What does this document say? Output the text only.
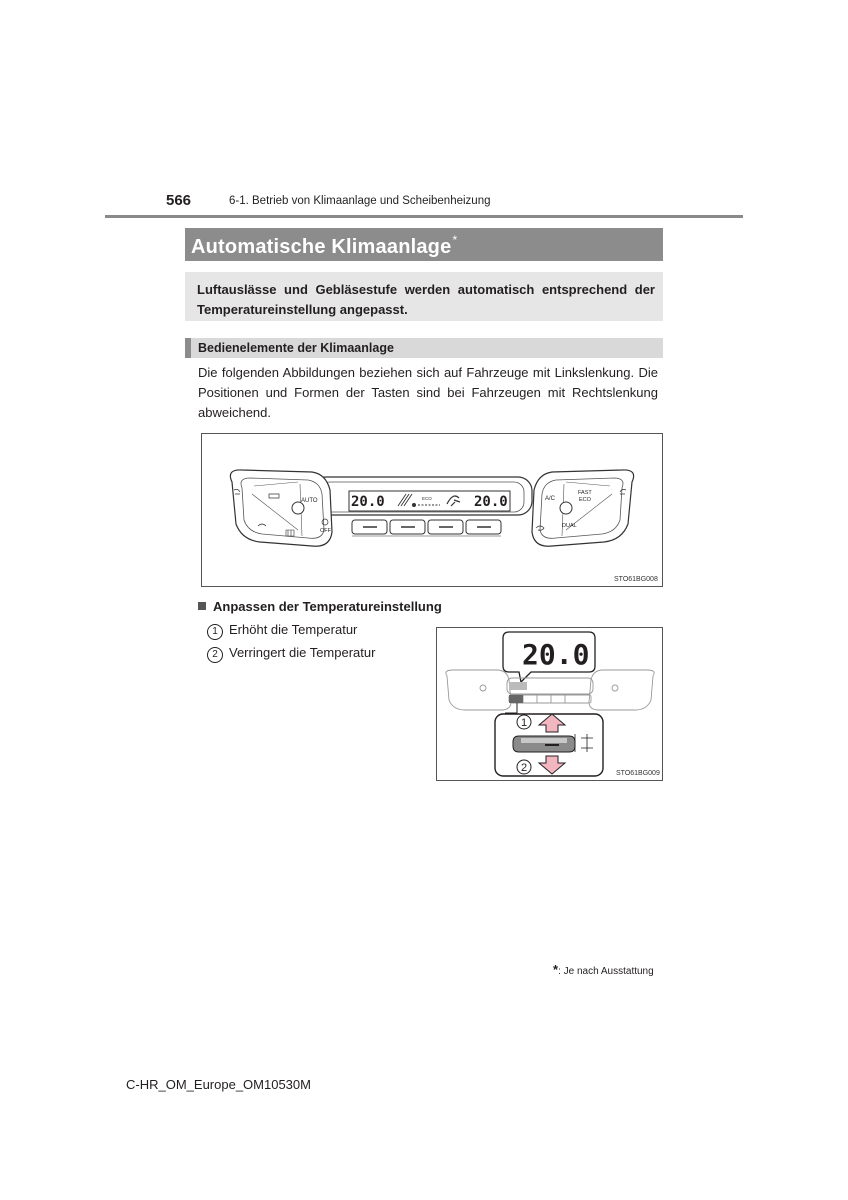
566	6-1. Betrieb von Klimaanlage und Scheibenheizung
Automatische Klimaanlage*
Luftauslässe und Gebläsestufe werden automatisch entsprechend der Temperatureinstellung angepasst.
Bedienelemente der Klimaanlage
Die folgenden Abbildungen beziehen sich auf Fahrzeuge mit Linkslenkung. Die Positionen und Formen der Tasten sind bei Fahrzeugen mit Rechtslenkung abweichend.
20.0	20.0
ECO
AUTO
OFF
A/C
FAST
ECO
DUAL
STO61BG008
Anpassen der Temperatureinstellung
1 Erhöht die Temperatur
2 Verringert die Temperatur	20.0
1
2	STO61BG009
*: Je nach Ausstattung
C-HR_OM_Europe_OM10530M
